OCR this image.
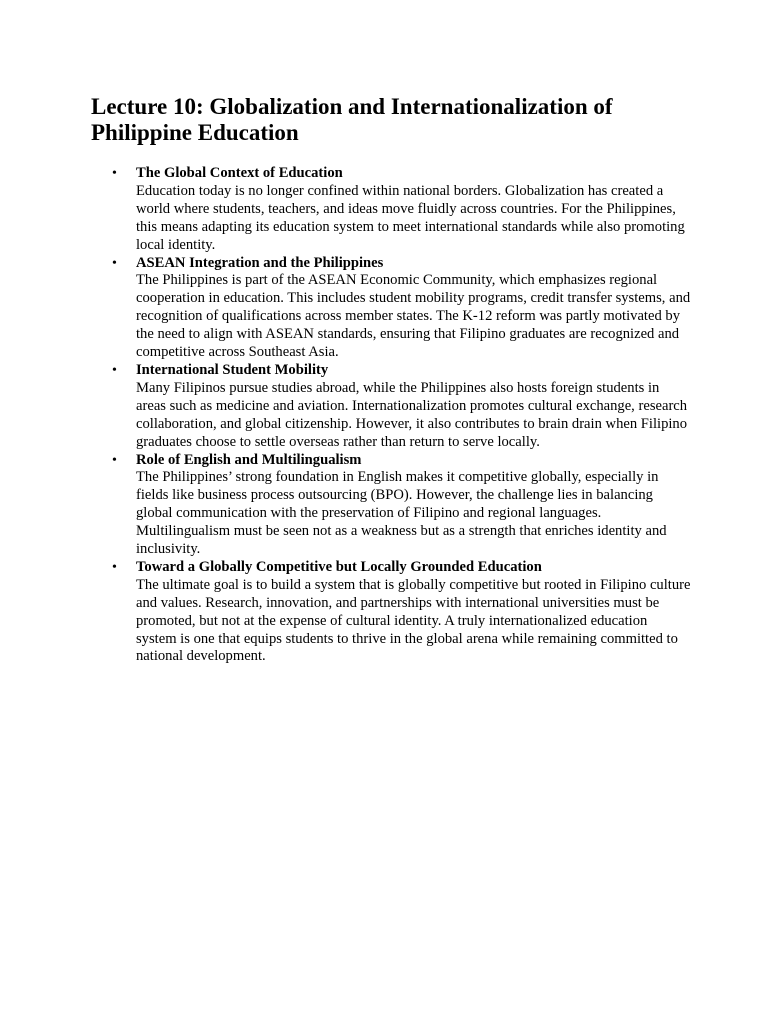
Lecture 10: Globalization and Internationalization of Philippine Education
• The Global Context of Education
Education today is no longer confined within national borders. Globalization has created a world where students, teachers, and ideas move fluidly across countries. For the Philippines, this means adapting its education system to meet international standards while also promoting local identity.
• ASEAN Integration and the Philippines
The Philippines is part of the ASEAN Economic Community, which emphasizes regional cooperation in education. This includes student mobility programs, credit transfer systems, and recognition of qualifications across member states. The K-12 reform was partly motivated by the need to align with ASEAN standards, ensuring that Filipino graduates are recognized and competitive across Southeast Asia.
• International Student Mobility
Many Filipinos pursue studies abroad, while the Philippines also hosts foreign students in areas such as medicine and aviation. Internationalization promotes cultural exchange, research collaboration, and global citizenship. However, it also contributes to brain drain when Filipino graduates choose to settle overseas rather than return to serve locally.
• Role of English and Multilingualism
The Philippines’ strong foundation in English makes it competitive globally, especially in fields like business process outsourcing (BPO). However, the challenge lies in balancing global communication with the preservation of Filipino and regional languages. Multilingualism must be seen not as a weakness but as a strength that enriches identity and inclusivity.
• Toward a Globally Competitive but Locally Grounded Education
The ultimate goal is to build a system that is globally competitive but rooted in Filipino culture and values. Research, innovation, and partnerships with international universities must be promoted, but not at the expense of cultural identity. A truly internationalized education system is one that equips students to thrive in the global arena while remaining committed to national development.
